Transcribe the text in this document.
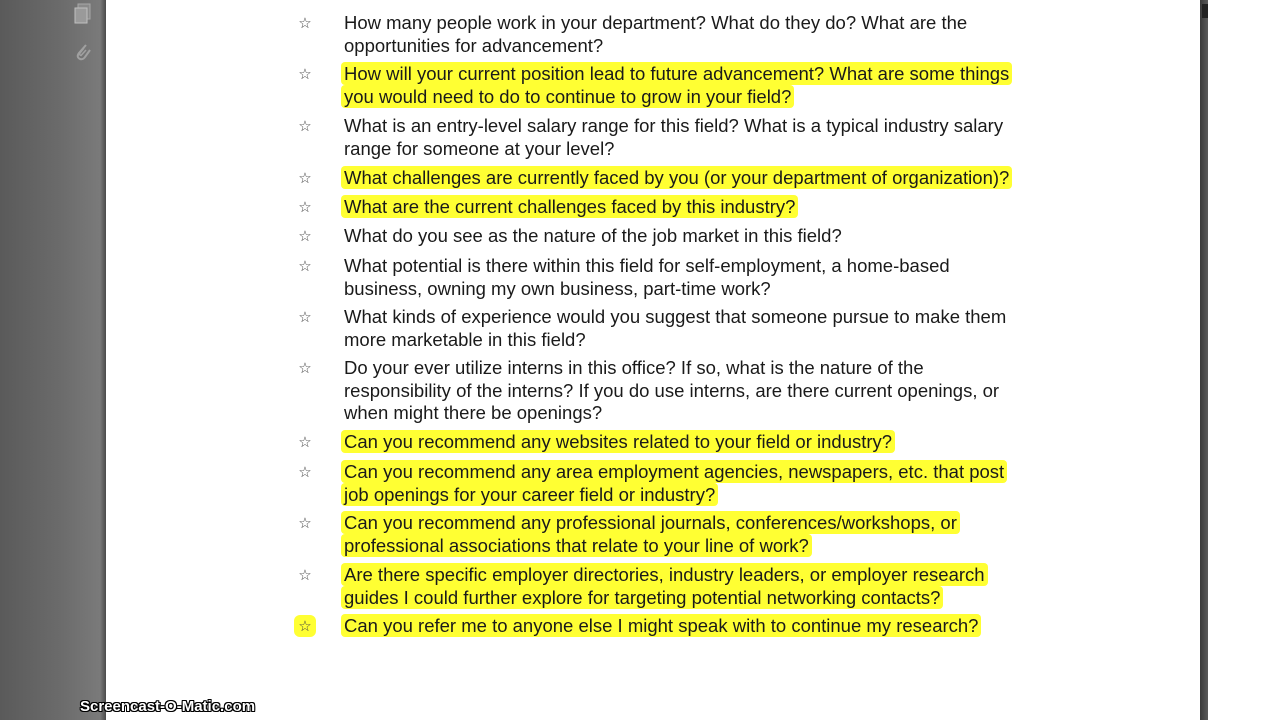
☆ How many people work in your department? What do they do? What are the
opportunities for advancement?
☆ How will your current position lead to future advancement? What are some things
you would need to do to continue to grow in your field?
☆ What is an entry-level salary range for this field? What is a typical industry salary
range for someone at your level?
☆ What challenges are currently faced by you (or your department of organization)?
☆ What are the current challenges faced by this industry?
☆ What do you see as the nature of the job market in this field?
☆ What potential is there within this field for self-employment, a home-based
business, owning my own business, part-time work?
☆ What kinds of experience would you suggest that someone pursue to make them
more marketable in this field?
☆ Do your ever utilize interns in this office? If so, what is the nature of the
responsibility of the interns? If you do use interns, are there current openings, or
when might there be openings?
☆ Can you recommend any websites related to your field or industry?
☆ Can you recommend any area employment agencies, newspapers, etc. that post
job openings for your career field or industry?
☆ Can you recommend any professional journals, conferences/workshops, or
professional associations that relate to your line of work?
☆ Are there specific employer directories, industry leaders, or employer research
guides I could further explore for targeting potential networking contacts?
☆ Can you refer me to anyone else I might speak with to continue my research?
Screencast-O-Matic.com
